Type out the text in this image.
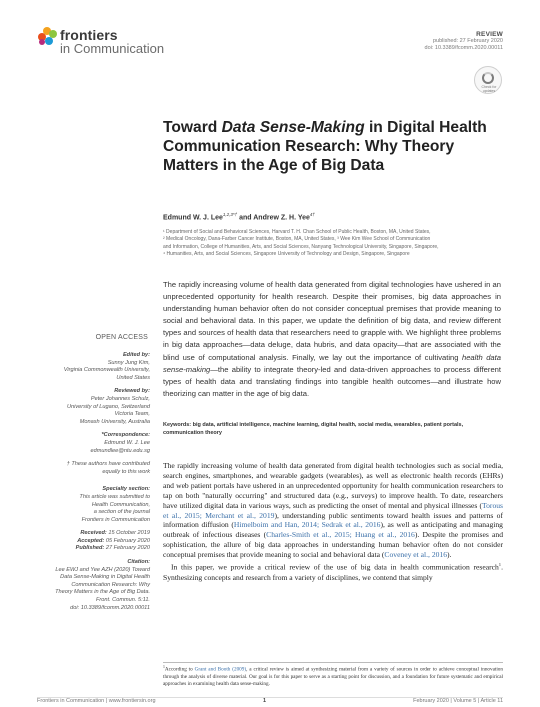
frontiers
in Communication
REVIEW
published: 27 February 2020
doi: 10.3389/fcomm.2020.00011
Check for updates
Toward Data Sense-Making in Digital Health Communication Research: Why Theory Matters in the Age of Big Data
Edmund W. J. Lee$^{1,2,3*\dagger}$ and Andrew Z. H. Yee$^{4\dagger}$

¹ Department of Social and Behavioral Sciences, Harvard T. H. Chan School of Public Health, Boston, MA, United States,

² Medical Oncology, Dana-Farber Cancer Institute, Boston, MA, United States, ³ Wee Kim Wee School of Communication

and Information, College of Humanities, Arts, and Social Sciences, Nanyang Technological University, Singapore, Singapore,

⁴ Humanities, Arts, and Social Sciences, Singapore University of Technology and Design, Singapore, Singapore

The rapidly increasing volume of health data generated from digital technologies have ushered in an unprecedented opportunity for health research. Despite their promises, big data approaches in understanding human behavior often do not consider conceptual premises that provide meaning to social and behavioral data. In this paper, we update the definition of big data, and review different types and sources of health data that researchers need to grapple with. We highlight three problems in big data approaches—data deluge, data hubris, and data opacity—that are associated with the blind use of computational analysis. Finally, we lay out the importance of cultivating health data sense-making—the ability to integrate theory-led and data-driven approaches to process different types of health data and translating findings into tangible health outcomes—and illustrate how theorizing can matter in the age of big data.
Keywords: big data, artificial intelligence, machine learning, digital health, social media, wearables, patient portals, communication theory
OPEN ACCESS
Edited by:
Sunny Jung Kim,
Virginia Commonwealth University,
United States
Reviewed by:
Peter Johannes Schulz,
University of Lugano, Switzerland
Victoria Team,
Monash University, Australia
*Correspondence:
Edmund W. J. Lee
edmundlee@ntu.edu.sg
† These authors have contributed
equally to this work
Specialty section:
This article was submitted to
Health Communication,
a section of the journal
Frontiers in Communication
Received: 15 October 2019
Accepted: 05 February 2020
Published: 27 February 2020
Citation:
Lee EWJ and Yee AZH (2020) Toward
Data Sense-Making in Digital Health
Communication Research: Why
Theory Matters in the Age of Big Data.
Front. Commun. 5:11.
doi: 10.3389/fcomm.2020.00011

The rapidly increasing volume of health data generated from digital health technologies such as social media, search engines, smartphones, and wearable gadgets (wearables), as well as electronic health records (EHRs) and web patient portals have ushered in an unprecedented opportunity for health communication researchers to tap on both "naturally occurring" and structured data (e.g., surveys) to improve health. To date, researchers have utilized digital data in various ways, such as predicting the onset of mental and physical illnesses (Torous et al., 2015; Merchant et al., 2019), understanding public sentiments toward health issues and patterns of information diffusion (Himelboim and Han, 2014; Sedrak et al., 2016), as well as anticipating and managing outbreak of infectious diseases (Charles-Smith et al., 2015; Huang et al., 2016). Despite the promises and sophistication, the allure of big data approaches in understanding human behavior often do not consider conceptual premises that provide meaning to social and behavioral data (Coveney et al., 2016).

In this paper, we provide a critical review of the use of big data in health communication research$^1$. Synthesizing concepts and research from a variety of disciplines, we contend that simply

$^1$According to Grant and Booth (2009), a critical review is aimed at synthesizing material from a variety of sources in order to achieve conceptual innovation through the analysis of diverse material. Our goal is for this paper to serve as a starting point for discussion, and a foundation for future systematic and empirical approaches in examining health data sense-making.
Frontiers in Communication | www.frontiersin.org	1	February 2020 | Volume 5 | Article 11
